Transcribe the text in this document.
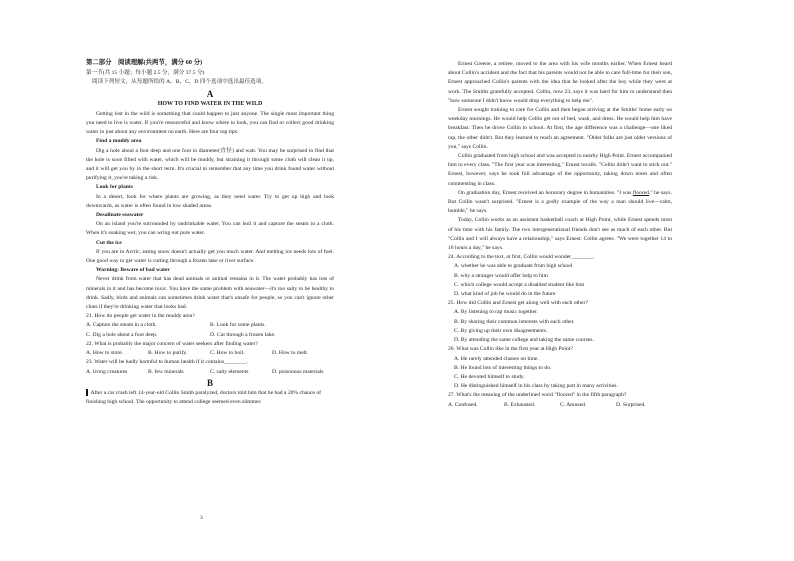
第二部分　阅读理解(共两节，满分 60 分)

第一节(共 15 小题；每小题 2.5 分，满分 37.5 分)

阅读下列短文，从每题所给的 A、B、C、D 四个选项中选出最佳选项。

A

HOW TO FIND WATER IN THE WILD

Getting lost in the wild is something that could happen to just anyone. The single most important thing you need to live is water. If you're resourceful and know where to look, you can find or collect good drinking water in just about any environment on earth. Here are four top tips:

Find a muddy area

Dig a hole about a foot deep and one foot in diameter(直径) and wait. You may be surprised to find that the hole is soon filled with water, which will be muddy, but straining it through some cloth will clean it up, and it will get you by in the short term. It's crucial to remember that any time you drink found water without purifying it, you're taking a risk.

Look for plants

In a desert, look for where plants are growing, as they need water. Try to get up high and look downwards, as water is often found in low shaded areas.

Desalinate seawater

On an island you're surrounded by undrinkable water. You can boil it and capture the steam in a cloth. When it's soaking wet, you can wring out pure water.

Cut the ice

If you are in Arctic, eating snow doesn't actually get you much water. And melting ice needs lots of fuel. One good way to get water is cutting through a frozen lake or river surface.

Warning: Beware of bad water

Never drink from water that has dead animals or animal remains in it. The water probably has lots of minerals in it and has become toxic. You have the same problem with seawater—it's too salty to be healthy to drink. Sadly, birds and animals can sometimes drink water that's unsafe for people, so you can't ignore other clues if they're drinking water that looks bad.

21. How do people get water in the muddy area?

A. Capture the steam in a cloth.	B. Look for some plants.
C. Dig a hole about a foot deep.	D. Cut through a frozen lake.

22. What is probably the major concern of water seekers after finding water?

A. How to store.	B. How to purify.	C. How to boil.	D. How to melt.

23. Water will be badly harmful to human health if it contains________.

A. living creatures	B. few minerals	C. salty elements	D. poisonous materials

B

After a car crash left 14-year-old Collin Smith paralyzed, doctors told him that he had a 20% chance of finishing high school. The opportunity to attend college seemed even slimmer.

3

Ernest Greene, a retiree, moved to the area with his wife months earlier. When Ernest heard about Collin's accident and the fact that his parents would not be able to care full-time for their son, Ernest approached Collin's parents with the idea that he looked after the boy while they were at work. The Smiths gratefully accepted. Collin, now 23, says it was hard for him to understand then "how someone I didn't know would drop everything to help me".

Ernest sought training to care for Collin and then began arriving at the Smiths' home early on weekday mornings. He would help Collin get out of bed, wash, and dress. He would help him have breakfast. Then he drove Collin to school. At first, the age difference was a challenge—one liked rap, the other didn't. But they learned to reach an agreement. "Older folks are just older versions of you," says Collin.

Collin graduated from high school and was accepted to nearby High Point. Ernest accompanied him to every class. "The first year was interesting," Ernest recalls. "Collin didn't want to stick out." Ernest, however, says he took full advantage of the opportunity, taking down notes and often commenting in class.

On graduation day, Ernest received an honorary degree in humanities. "I was floored," he says. But Collin wasn't surprised. "Ernest is a godly example of the way a man should live—calm, humble," he says.

Today, Collin works as an assistant basketball coach at High Point, while Ernest spends most of his time with his family. The two intergenerational friends don't see as much of each other. But "Collin and I will always have a relationship," says Ernest. Collin agrees. "We were together 14 to 16 hours a day," he says.

24. According to the text, at first, Collin would wonder________.

A. whether he was able to graduate from high school

B. why a stranger would offer help to him

C. which college would accept a disabled student like him

D. what kind of job he would do in the future

25. How did Collin and Ernest get along well with each other?

A. By listening to rap music together.

B. By sharing their common interests with each other.

C. By giving up their own disagreements.

D. By attending the same college and taking the same courses.

26. What was Collin like in the first year at High Point?

A. He rarely attended classes on time.

B. He found lots of interesting things to do.

C. He devoted himself to study.

D. He distinguished himself in his class by taking part in many activities.

27. What's the meaning of the underlined word "floored" in the fifth paragraph?

A. Confused.	B. Exhausted.	C. Amused.	D. Surprised.
